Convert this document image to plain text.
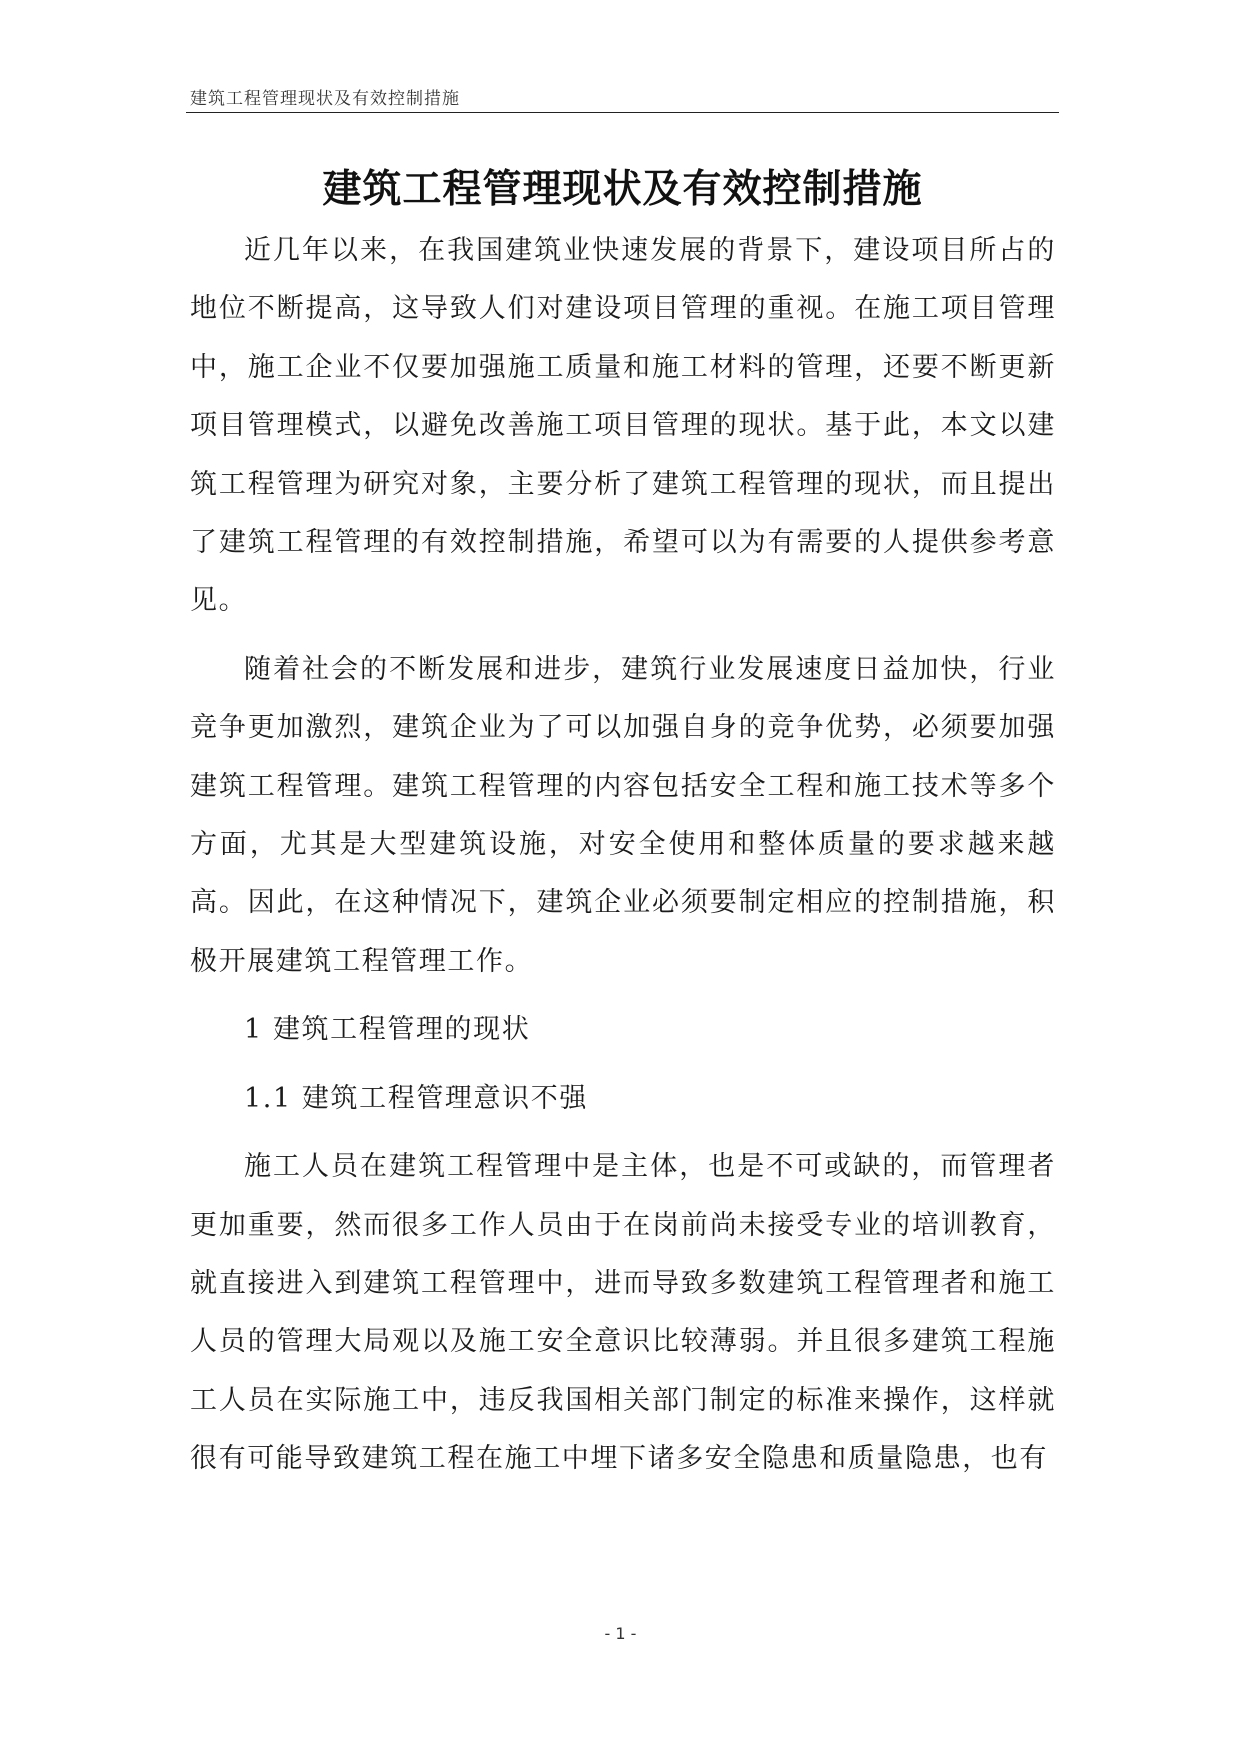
建筑工程管理现状及有效控制措施
建筑工程管理现状及有效控制措施

近几年以来，在我国建筑业快速发展的背景下，建设项目所占的地位不断提高，这导致人们对建设项目管理的重视。在施工项目管理中，施工企业不仅要加强施工质量和施工材料的管理，还要不断更新项目管理模式，以避免改善施工项目管理的现状。基于此，本文以建筑工程管理为研究对象，主要分析了建筑工程管理的现状，而且提出了建筑工程管理的有效控制措施，希望可以为有需要的人提供参考意见。

随着社会的不断发展和进步，建筑行业发展速度日益加快，行业竞争更加激烈，建筑企业为了可以加强自身的竞争优势，必须要加强建筑工程管理。建筑工程管理的内容包括安全工程和施工技术等多个方面，尤其是大型建筑设施，对安全使用和整体质量的要求越来越高。因此，在这种情况下，建筑企业必须要制定相应的控制措施，积极开展建筑工程管理工作。

1 建筑工程管理的现状

1.1 建筑工程管理意识不强

施工人员在建筑工程管理中是主体，也是不可或缺的，而管理者更加重要，然而很多工作人员由于在岗前尚未接受专业的培训教育，就直接进入到建筑工程管理中，进而导致多数建筑工程管理者和施工人员的管理大局观以及施工安全意识比较薄弱。并且很多建筑工程施工人员在实际施工中，违反我国相关部门制定的标准来操作，这样就很有可能导致建筑工程在施工中埋下诸多安全隐患和质量隐患，也有

- 1 -
